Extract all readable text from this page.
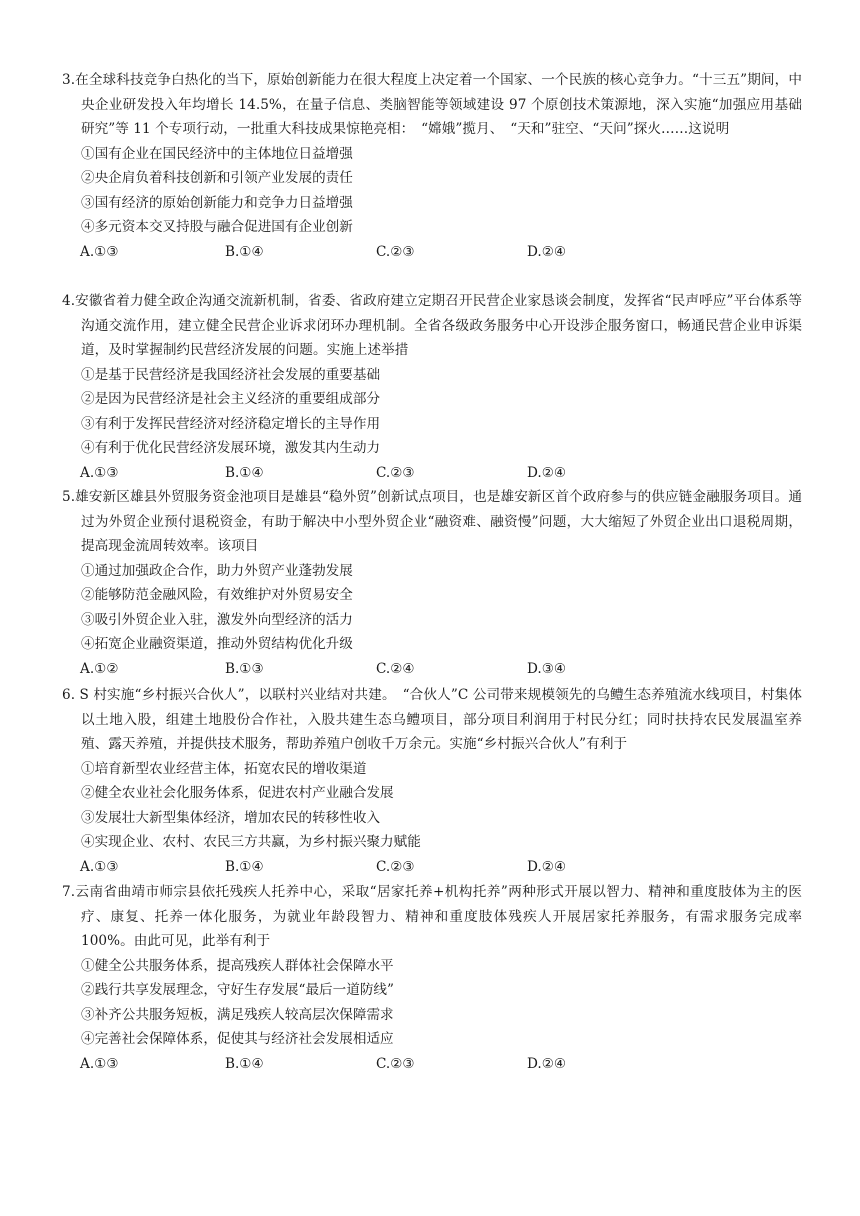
3.在全球科技竞争白热化的当下，原始创新能力在很大程度上决定着一个国家、一个民族的核心竞争力。“十三五”期间，中央企业研发投入年均增长 14.5%，在量子信息、类脑智能等领域建设 97 个原创技术策源地，深入实施“加强应用基础研究”等 11 个专项行动，一批重大科技成果惊艳亮相：　“嫦娥”揽月、　“天和”驻空、“天问”探火……这说明

①国有企业在国民经济中的主体地位日益增强
②央企肩负着科技创新和引领产业发展的责任
③国有经济的原始创新能力和竞争力日益增强
④多元资本交叉持股与融合促进国有企业创新
A.①③	B.①④	C.②③	D.②④

4.安徽省着力健全政企沟通交流新机制，省委、省政府建立定期召开民营企业家恳谈会制度，发挥省“民声呼应”平台体系等沟通交流作用，建立健全民营企业诉求闭环办理机制。全省各级政务服务中心开设涉企服务窗口，畅通民营企业申诉渠道，及时掌握制约民营经济发展的问题。实施上述举措

①是基于民营经济是我国经济社会发展的重要基础
②是因为民营经济是社会主义经济的重要组成部分
③有利于发挥民营经济对经济稳定增长的主导作用
④有利于优化民营经济发展环境，激发其内生动力
A.①③	B.①④	C.②③	D.②④

5.雄安新区雄县外贸服务资金池项目是雄县“稳外贸”创新试点项目，也是雄安新区首个政府参与的供应链金融服务项目。通过为外贸企业预付退税资金，有助于解决中小型外贸企业“融资难、融资慢”问题，大大缩短了外贸企业出口退税周期，提高现金流周转效率。该项目

①通过加强政企合作，助力外贸产业蓬勃发展
②能够防范金融风险，有效维护对外贸易安全
③吸引外贸企业入驻，激发外向型经济的活力
④拓宽企业融资渠道，推动外贸结构优化升级
A.①②	B.①③	C.②④	D.③④

6. S 村实施“乡村振兴合伙人”，以联村兴业结对共建。　“合伙人”C 公司带来规模领先的乌鳢生态养殖流水线项目，村集体以土地入股，组建土地股份合作社，入股共建生态乌鳢项目，部分项目利润用于村民分红；同时扶持农民发展温室养殖、露天养殖，并提供技术服务，帮助养殖户创收千万余元。实施“乡村振兴合伙人”有利于

①培育新型农业经营主体，拓宽农民的增收渠道
②健全农业社会化服务体系，促进农村产业融合发展
③发展壮大新型集体经济，增加农民的转移性收入
④实现企业、农村、农民三方共赢，为乡村振兴聚力赋能
A.①③	B.①④	C.②③	D.②④

7.云南省曲靖市师宗县依托残疾人托养中心，采取“居家托养+机构托养”两种形式开展以智力、精神和重度肢体为主的医疗、康复、托养一体化服务，为就业年龄段智力、精神和重度肢体残疾人开展居家托养服务，有需求服务完成率 100%。由此可见，此举有利于

①健全公共服务体系，提高残疾人群体社会保障水平
②践行共享发展理念，守好生存发展“最后一道防线”
③补齐公共服务短板，满足残疾人较高层次保障需求
④完善社会保障体系，促使其与经济社会发展相适应
A.①③	B.①④	C.②③	D.②④
